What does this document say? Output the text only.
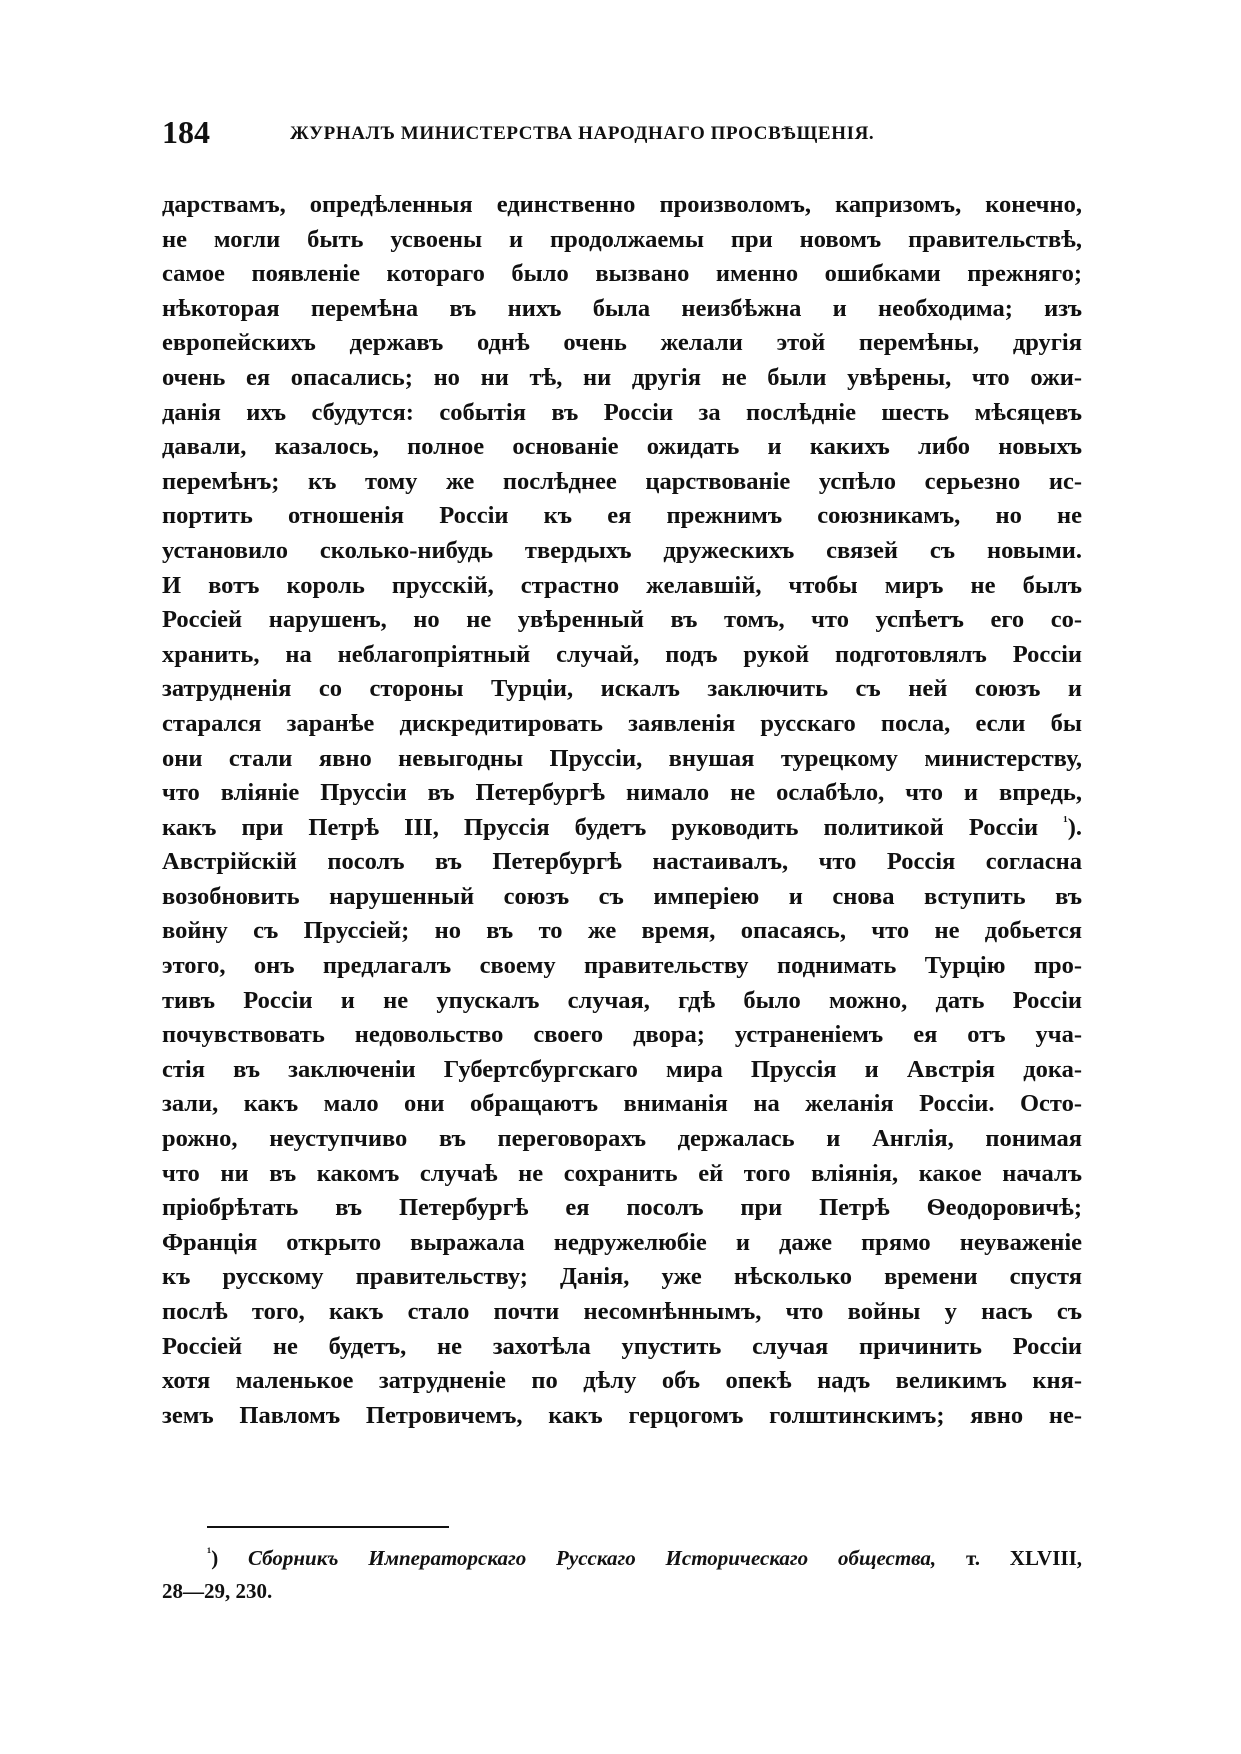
184	ЖУРНАЛЪ МИНИСТЕРСТВА НАРОДНАГО ПРОСВѢЩЕНІЯ.
дарствамъ, опредѣленныя единственно произволомъ, капризомъ, конечно,
не могли быть усвоены и продолжаемы при новомъ правительствѣ,
самое появленіе котораго было вызвано именно ошибками прежняго;
нѣкоторая перемѣна въ нихъ была неизбѣжна и необходима; изъ
европейскихъ державъ однѣ очень желали этой перемѣны, другія
очень ея опасались; но ни тѣ, ни другія не были увѣрены, что ожи-
данія ихъ сбудутся: событія въ Россіи за послѣдніе шесть мѣсяцевъ
давали, казалось, полное основаніе ожидать и какихъ либо новыхъ
перемѣнъ; къ тому же послѣднее царствованіе успѣло серьезно ис-
портить отношенія Россіи къ ея прежнимъ союзникамъ, но не
установило сколько-нибудь твердыхъ дружескихъ связей съ новыми.
И вотъ король прусскій, страстно желавшій, чтобы миръ не былъ
Россіей нарушенъ, но не увѣренный въ томъ, что успѣетъ его со-
хранить, на неблагопріятный случай, подъ рукой подготовлялъ Россіи
затрудненія со стороны Турціи, искалъ заключить съ ней союзъ и
старался заранѣе дискредитировать заявленія русскаго посла, если бы
они стали явно невыгодны Пруссіи, внушая турецкому министерству,
что вліяніе Пруссіи въ Петербургѣ нимало не ослабѣло, что и впредь,
какъ при Петрѣ III, Пруссія будетъ руководить политикой Россіи $^{^1}$).
Австрійскій посолъ въ Петербургѣ настаивалъ, что Россія согласна
возобновить нарушенный союзъ съ имперіею и снова вступить въ
войну съ Пруссіей; но въ то же время, опасаясь, что не добьется
этого, онъ предлагалъ своему правительству поднимать Турцію про-
тивъ Россіи и не упускалъ случая, гдѣ было можно, дать Россіи
почувствовать недовольство своего двора; устраненіемъ ея отъ уча-
стія въ заключеніи Губертсбургскаго мира Пруссія и Австрія дока-
зали, какъ мало они обращаютъ вниманія на желанія Россіи. Осто-
рожно, неуступчиво въ переговорахъ держалась и Англія, понимая
что ни въ какомъ случаѣ не сохранить ей того вліянія, какое началъ
пріобрѣтать въ Петербургѣ ея посолъ при Петрѣ Ѳеодоровичѣ;
Франція открыто выражала недружелюбіе и даже прямо неуваженіе
къ русскому правительству; Данія, уже нѣсколько времени спустя
послѣ того, какъ стало почти несомнѣннымъ, что войны у насъ съ
Россіей не будетъ, не захотѣла упустить случая причинить Россіи
хотя маленькое затрудненіе по дѣлу объ опекѣ надъ великимъ кня-
земъ Павломъ Петровичемъ, какъ герцогомъ голштинскимъ; явно не-
$^{^1}$) Сборникъ Императорскаго Русскаго Историческаго общества, т. XLVIII,
28—29, 230.
